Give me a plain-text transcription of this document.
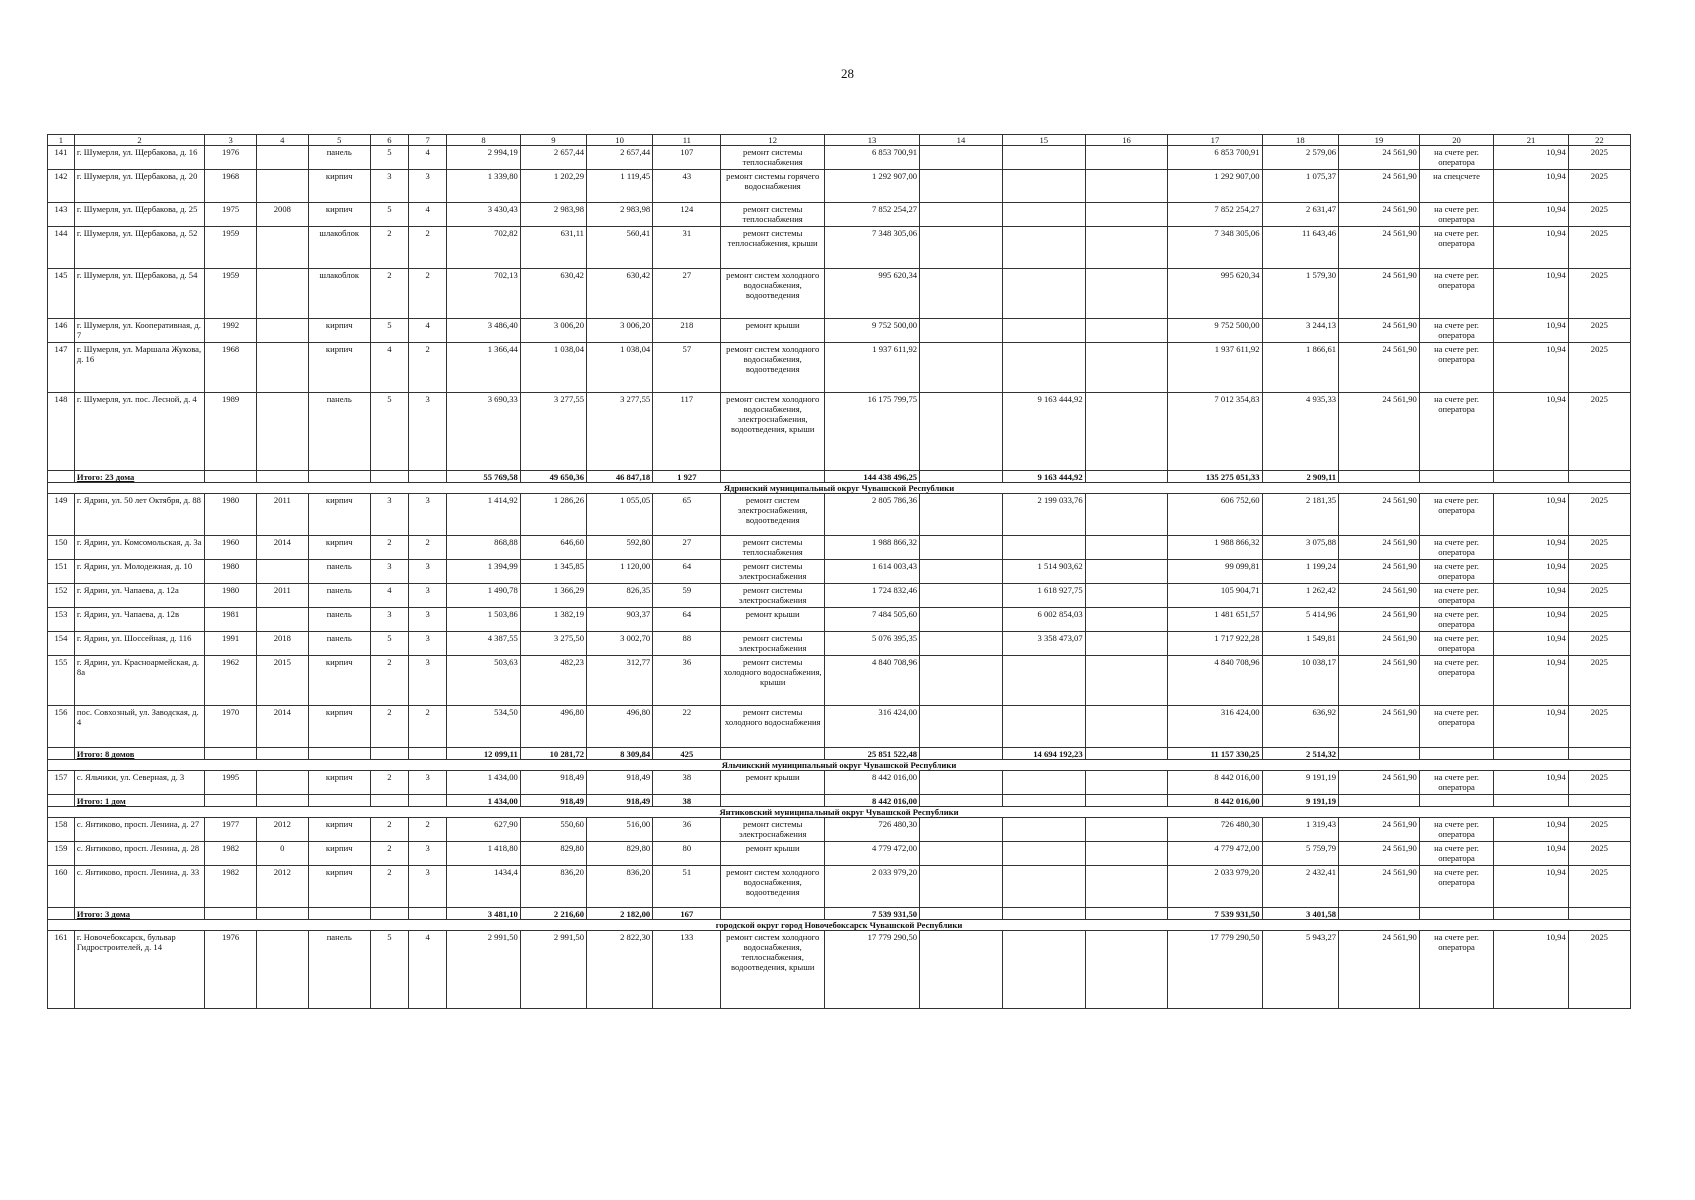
28
1	2	3	4	5	6	7	8	9	10	11	12	13	14	15	16	17	18	19	20	21	22
141	г. Шумерля, ул. Щербакова, д. 16	1976		панель	5	4	2 994,19	2 657,44	2 657,44	107	ремонт системы теплоснабжения	6 853 700,91				6 853 700,91	2 579,06	24 561,90	на счете рег. оператора	10,94	2025
142	г. Шумерля, ул. Щербакова, д. 20	1968		кирпич	3	3	1 339,80	1 202,29	1 119,45	43	ремонт системы горячего водоснабжения	1 292 907,00				1 292 907,00	1 075,37	24 561,90	на спецсчете	10,94	2025
143	г. Шумерля, ул. Щербакова, д. 25	1975	2008	кирпич	5	4	3 430,43	2 983,98	2 983,98	124	ремонт системы теплоснабжения	7 852 254,27				7 852 254,27	2 631,47	24 561,90	на счете рег. оператора	10,94	2025
144	г. Шумерля, ул. Щербакова, д. 52	1959		шлакоблок	2	2	702,82	631,11	560,41	31	ремонт системы теплоснабжения, крыши	7 348 305,06				7 348 305,06	11 643,46	24 561,90	на счете рег. оператора	10,94	2025
145	г. Шумерля, ул. Щербакова, д. 54	1959		шлакоблок	2	2	702,13	630,42	630,42	27	ремонт систем холодного водоснабжения, водоотведения	995 620,34				995 620,34	1 579,30	24 561,90	на счете рег. оператора	10,94	2025
146	г. Шумерля, ул. Кооперативная, д. 7	1992		кирпич	5	4	3 486,40	3 006,20	3 006,20	218	ремонт крыши	9 752 500,00				9 752 500,00	3 244,13	24 561,90	на счете рег. оператора	10,94	2025
147	г. Шумерля, ул. Маршала Жукова, д. 16	1968		кирпич	4	2	1 366,44	1 038,04	1 038,04	57	ремонт систем холодного водоснабжения, водоотведения	1 937 611,92				1 937 611,92	1 866,61	24 561,90	на счете рег. оператора	10,94	2025
148	г. Шумерля, ул. пос. Лесной, д. 4	1989		панель	5	3	3 690,33	3 277,55	3 277,55	117	ремонт систем холодного водоснабжения, электроснабжения, водоотведения, крыши	16 175 799,75		9 163 444,92		7 012 354,83	4 935,33	24 561,90	на счете рег. оператора	10,94	2025
	Итого: 23 дома						55 769,58	49 650,36	46 847,18	1 927		144 438 496,25		9 163 444,92		135 275 051,33	2 909,11				
Ядринский муниципальный округ Чувашской Республики																					
149	г. Ядрин, ул. 50 лет Октября, д. 88	1980	2011	кирпич	3	3	1 414,92	1 286,26	1 055,05	65	ремонт систем электроснабжения, водоотведения	2 805 786,36		2 199 033,76		606 752,60	2 181,35	24 561,90	на счете рег. оператора	10,94	2025
150	г. Ядрин, ул. Комсомольская, д. 3а	1960	2014	кирпич	2	2	868,88	646,60	592,80	27	ремонт системы теплоснабжения	1 988 866,32				1 988 866,32	3 075,88	24 561,90	на счете рег. оператора	10,94	2025
151	г. Ядрин, ул. Молодежная, д. 10	1980		панель	3	3	1 394,99	1 345,85	1 120,00	64	ремонт системы электроснабжения	1 614 003,43		1 514 903,62		99 099,81	1 199,24	24 561,90	на счете рег. оператора	10,94	2025
152	г. Ядрин, ул. Чапаева, д. 12а	1980	2011	панель	4	3	1 490,78	1 366,29	826,35	59	ремонт системы электроснабжения	1 724 832,46		1 618 927,75		105 904,71	1 262,42	24 561,90	на счете рег. оператора	10,94	2025
153	г. Ядрин, ул. Чапаева, д. 12в	1981		панель	3	3	1 503,86	1 382,19	903,37	64	ремонт крыши	7 484 505,60		6 002 854,03		1 481 651,57	5 414,96	24 561,90	на счете рег. оператора	10,94	2025
154	г. Ядрин, ул. Шоссейная, д. 116	1991	2018	панель	5	3	4 387,55	3 275,50	3 002,70	88	ремонт системы электроснабжения	5 076 395,35		3 358 473,07		1 717 922,28	1 549,81	24 561,90	на счете рег. оператора	10,94	2025
155	г. Ядрин, ул. Красноармейская, д. 8а	1962	2015	кирпич	2	3	503,63	482,23	312,77	36	ремонт системы холодного водоснабжения, крыши	4 840 708,96				4 840 708,96	10 038,17	24 561,90	на счете рег. оператора	10,94	2025
156	пос. Совхозный, ул. Заводская, д. 4	1970	2014	кирпич	2	2	534,50	496,80	496,80	22	ремонт системы холодного водоснабжения	316 424,00				316 424,00	636,92	24 561,90	на счете рег. оператора	10,94	2025
	Итого: 8 домов						12 099,11	10 281,72	8 309,84	425		25 851 522,48		14 694 192,23		11 157 330,25	2 514,32				
Яльчикский муниципальный округ Чувашской Республики																					
157	с. Яльчики, ул. Северная, д. 3	1995		кирпич	2	3	1 434,00	918,49	918,49	38	ремонт крыши	8 442 016,00				8 442 016,00	9 191,19	24 561,90	на счете рег. оператора	10,94	2025
	Итого: 1 дом						1 434,00	918,49	918,49	38		8 442 016,00				8 442 016,00	9 191,19				
Янтиковский муниципальный округ Чувашской Республики																					
158	с. Янтиково, просп. Ленина, д. 27	1977	2012	кирпич	2	2	627,90	550,60	516,00	36	ремонт системы электроснабжения	726 480,30				726 480,30	1 319,43	24 561,90	на счете рег. оператора	10,94	2025
159	с. Янтиково, просп. Ленина, д. 28	1982	0	кирпич	2	3	1 418,80	829,80	829,80	80	ремонт крыши	4 779 472,00				4 779 472,00	5 759,79	24 561,90	на счете рег. оператора	10,94	2025
160	с. Янтиково, просп. Ленина, д. 33	1982	2012	кирпич	2	3	1434,4	836,20	836,20	51	ремонт систем холодного водоснабжения, водоотведения	2 033 979,20				2 033 979,20	2 432,41	24 561,90	на счете рег. оператора	10,94	2025
	Итого: 3 дома						3 481,10	2 216,60	2 182,00	167		7 539 931,50				7 539 931,50	3 401,58				
городской округ город Новочебоксарск Чувашской Республики																					
161	г. Новочебоксарск, бульвар Гидростроителей, д. 14	1976		панель	5	4	2 991,50	2 991,50	2 822,30	133	ремонт систем холодного водоснабжения, теплоснабжения, водоотведения, крыши	17 779 290,50				17 779 290,50	5 943,27	24 561,90	на счете рег. оператора	10,94	2025
